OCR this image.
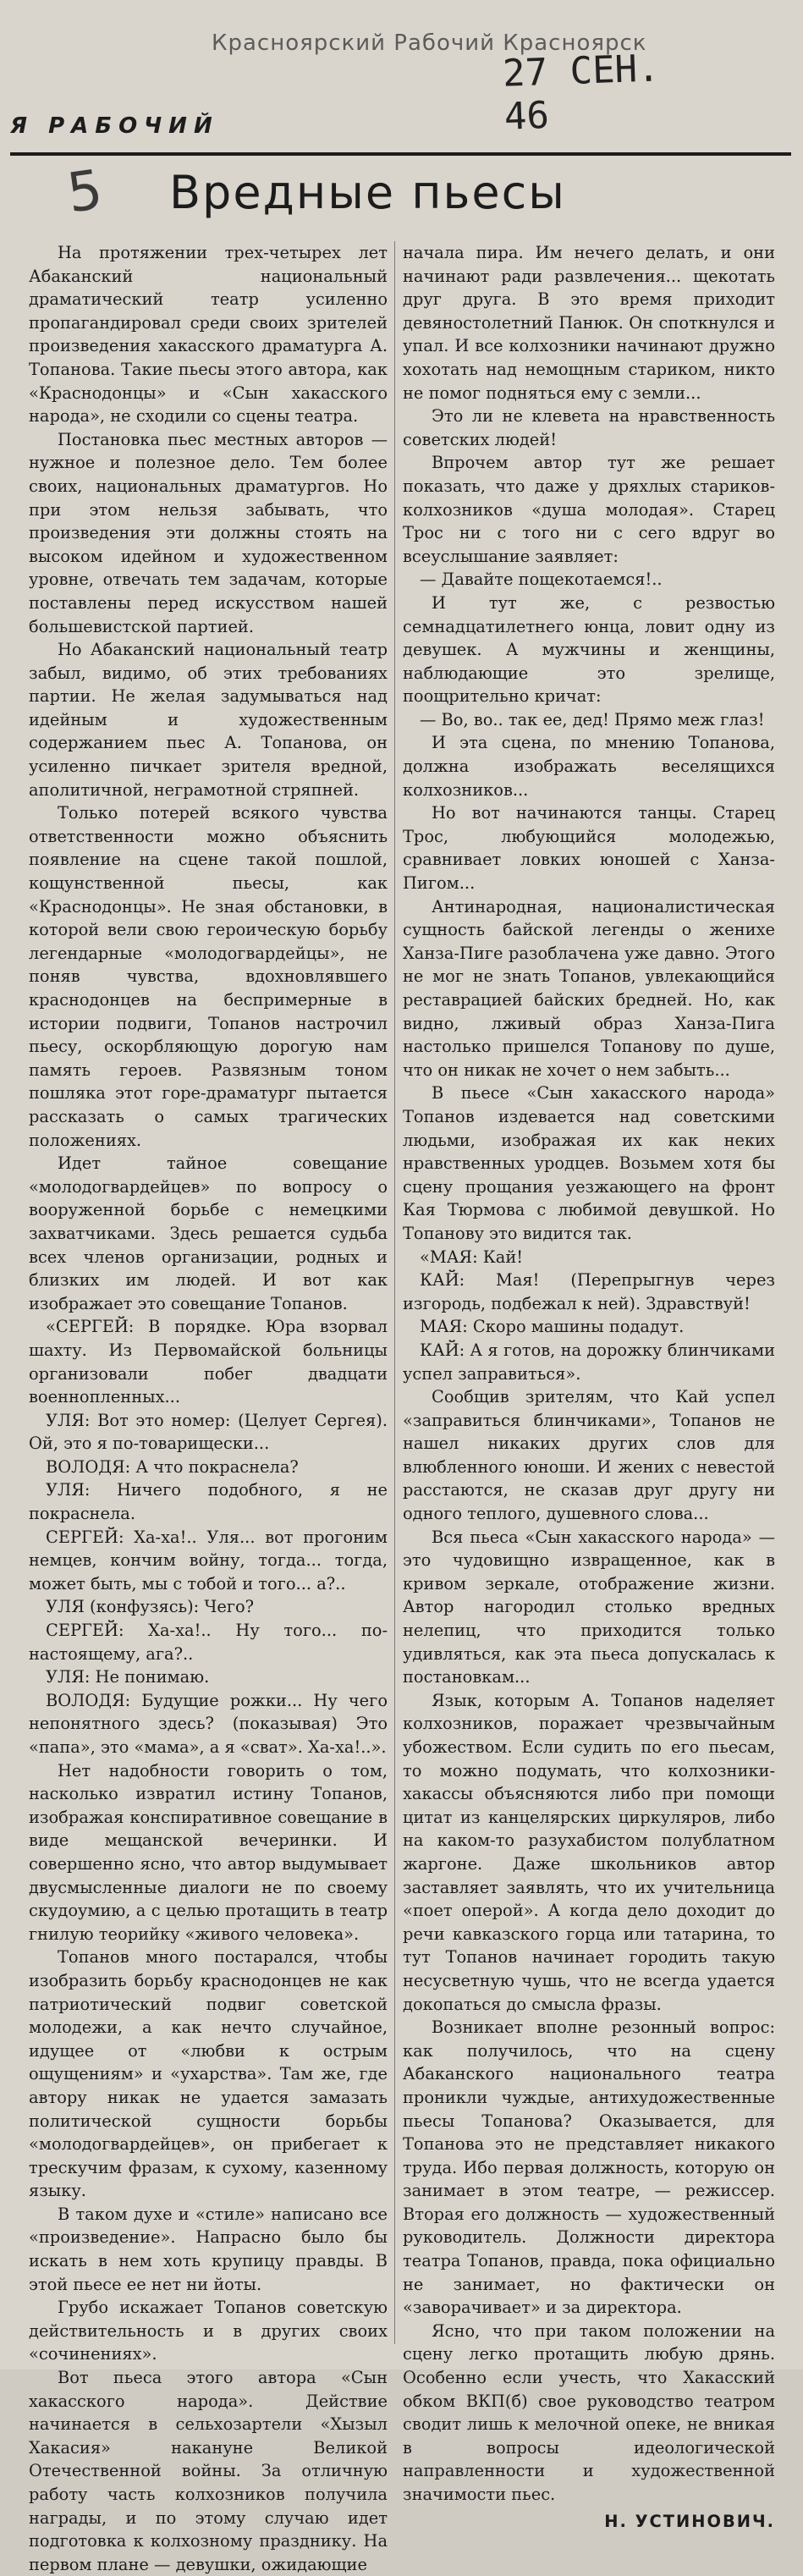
Красноярский Рабочий Красноярск
27 СЕН. 46
Я РАБОЧИЙ
5 Вредные пьесы

На протяжении трех-четырех лет Абаканский национальный драматический театр усиленно пропагандировал среди своих зрителей произведения хакасского драматурга А. Топанова. Такие пьесы этого автора, как «Краснодонцы» и «Сын хакасского народа», не сходили со сцены театра.

Постановка пьес местных авторов — нужное и полезное дело. Тем более своих, национальных драматургов. Но при этом нельзя забывать, что произведения эти должны стоять на высоком идейном и художественном уровне, отвечать тем задачам, которые поставлены перед искусством нашей большевистской партией.

Но Абаканский национальный театр забыл, видимо, об этих требованиях партии. Не желая задумываться над идейным и художественным содержанием пьес А. Топанова, он усиленно пичкает зрителя вредной, аполитичной, неграмотной стряпней.

Только потерей всякого чувства ответственности можно объяснить появление на сцене такой пошлой, кощунственной пьесы, как «Краснодонцы». Не зная обстановки, в которой вели свою героическую борьбу легендарные «молодогвардейцы», не поняв чувства, вдохновлявшего краснодонцев на беспримерные в истории подвиги, Топанов настрочил пьесу, оскорбляющую дорогую нам память героев. Развязным тоном пошляка этот горе-драматург пытается рассказать о самых трагических положениях.

Идет тайное совещание «молодогвардейцев» по вопросу о вооруженной борьбе с немецкими захватчиками. Здесь решается судьба всех членов организации, родных и близких им людей. И вот как изображает это совещание Топанов.

«СЕРГЕЙ: В порядке. Юра взорвал шахту. Из Первомайской больницы организовали побег двадцати военнопленных...

УЛЯ: Вот это номер: (Целует Сергея). Ой, это я по-товарищески...

ВОЛОДЯ: А что покраснела?

УЛЯ: Ничего подобного, я не покраснела.

СЕРГЕЙ: Ха-ха!.. Уля... вот прогоним немцев, кончим войну, тогда... тогда, может быть, мы с тобой и того... а?..

УЛЯ (конфузясь): Чего?

СЕРГЕЙ: Ха-ха!.. Ну того... по-настоящему, ага?..

УЛЯ: Не понимаю.

ВОЛОДЯ: Будущие рожки... Ну чего непонятного здесь? (показывая) Это «папа», это «мама», а я «сват». Ха-ха!..».

Нет надобности говорить о том, насколько извратил истину Топанов, изображая конспиративное совещание в виде мещанской вечеринки. И совершенно ясно, что автор выдумывает двусмысленные диалоги не по своему скудоумию, а с целью протащить в театр гнилую теорийку «живого человека».

Топанов много постарался, чтобы изобразить борьбу краснодонцев не как патриотический подвиг советской молодежи, а как нечто случайное, идущее от «любви к острым ощущениям» и «ухарства». Там же, где автору никак не удается замазать политической сущности борьбы «молодогвардейцев», он прибегает к трескучим фразам, к сухому, казенному языку.

В таком духе и «стиле» написано все «произведение». Напрасно было бы искать в нем хоть крупицу правды. В этой пьесе ее нет ни йоты.

Грубо искажает Топанов советскую действительность и в других своих «сочинениях».

Вот пьеса этого автора «Сын хакасского народа». Действие начинается в сельхозартели «Хызыл Хакасия» накануне Великой Отечественной войны. За отличную работу часть колхозников получила награды, и по этому случаю идет подготовка к колхозному празднику. На первом плане — девушки, ожидающие

начала пира. Им нечего делать, и они начинают ради развлечения... щекотать друг друга. В это время приходит девяностолетний Панюк. Он споткнулся и упал. И все колхозники начинают дружно хохотать над немощным стариком, никто не помог подняться ему с земли...

Это ли не клевета на нравственность советских людей!

Впрочем автор тут же решает показать, что даже у дряхлых стариков-колхозников «душа молодая». Старец Трос ни с того ни с сего вдруг во всеуслышание заявляет:

— Давайте пощекотаемся!..

И тут же, с резвостью семнадцатилетнего юнца, ловит одну из девушек. А мужчины и женщины, наблюдающие это зрелище, поощрительно кричат:

— Во, во.. так ее, дед! Прямо меж глаз!

И эта сцена, по мнению Топанова, должна изображать веселящихся колхозников...

Но вот начинаются танцы. Старец Трос, любующийся молодежью, сравнивает ловких юношей с Ханза-Пигом...

Антинародная, националистическая сущность байской легенды о женихе Ханза-Пиге разоблачена уже давно. Этого не мог не знать Топанов, увлекающийся реставрацией байских бредней. Но, как видно, лживый образ Ханза-Пига настолько пришелся Топанову по душе, что он никак не хочет о нем забыть...

В пьесе «Сын хакасского народа» Топанов издевается над советскими людьми, изображая их как неких нравственных уродцев. Возьмем хотя бы сцену прощания уезжающего на фронт Кая Тюрмова с любимой девушкой. Но Топанову это видится так.

«МАЯ: Кай!

КАЙ: Мая! (Перепрыгнув через изгородь, подбежал к ней). Здравствуй!

МАЯ: Скоро машины подадут.

КАЙ: А я готов, на дорожку блинчиками успел заправиться».

Сообщив зрителям, что Кай успел «заправиться блинчиками», Топанов не нашел никаких других слов для влюбленного юноши. И жених с невестой расстаются, не сказав друг другу ни одного теплого, душевного слова...

Вся пьеса «Сын хакасского народа» — это чудовищно извращенное, как в кривом зеркале, отображение жизни. Автор нагородил столько вредных нелепиц, что приходится только удивляться, как эта пьеса допускалась к постановкам...

Язык, которым А. Топанов наделяет колхозников, поражает чрезвычайным убожеством. Если судить по его пьесам, то можно подумать, что колхозники-хакассы объясняются либо при помощи цитат из канцелярских циркуляров, либо на каком-то разухабистом полублатном жаргоне. Даже школьников автор заставляет заявлять, что их учительница «поет оперой». А когда дело доходит до речи кавказского горца или татарина, то тут Топанов начинает городить такую несусветную чушь, что не всегда удается докопаться до смысла фразы.

Возникает вполне резонный вопрос: как получилось, что на сцену Абаканского национального театра проникли чуждые, антихудожественные пьесы Топанова? Оказывается, для Топанова это не представляет никакого труда. Ибо первая должность, которую он занимает в этом театре, — режиссер. Вторая его должность — художественный руководитель. Должности директора театра Топанов, правда, пока официально не занимает, но фактически он «заворачивает» и за директора.

Ясно, что при таком положении на сцену легко протащить любую дрянь. Особенно если учесть, что Хакасский обком ВКП(б) свое руководство театром сводит лишь к мелочной опеке, не вникая в вопросы идеологической направленности и художественной значимости пьес.

Н. УСТИНОВИЧ.
